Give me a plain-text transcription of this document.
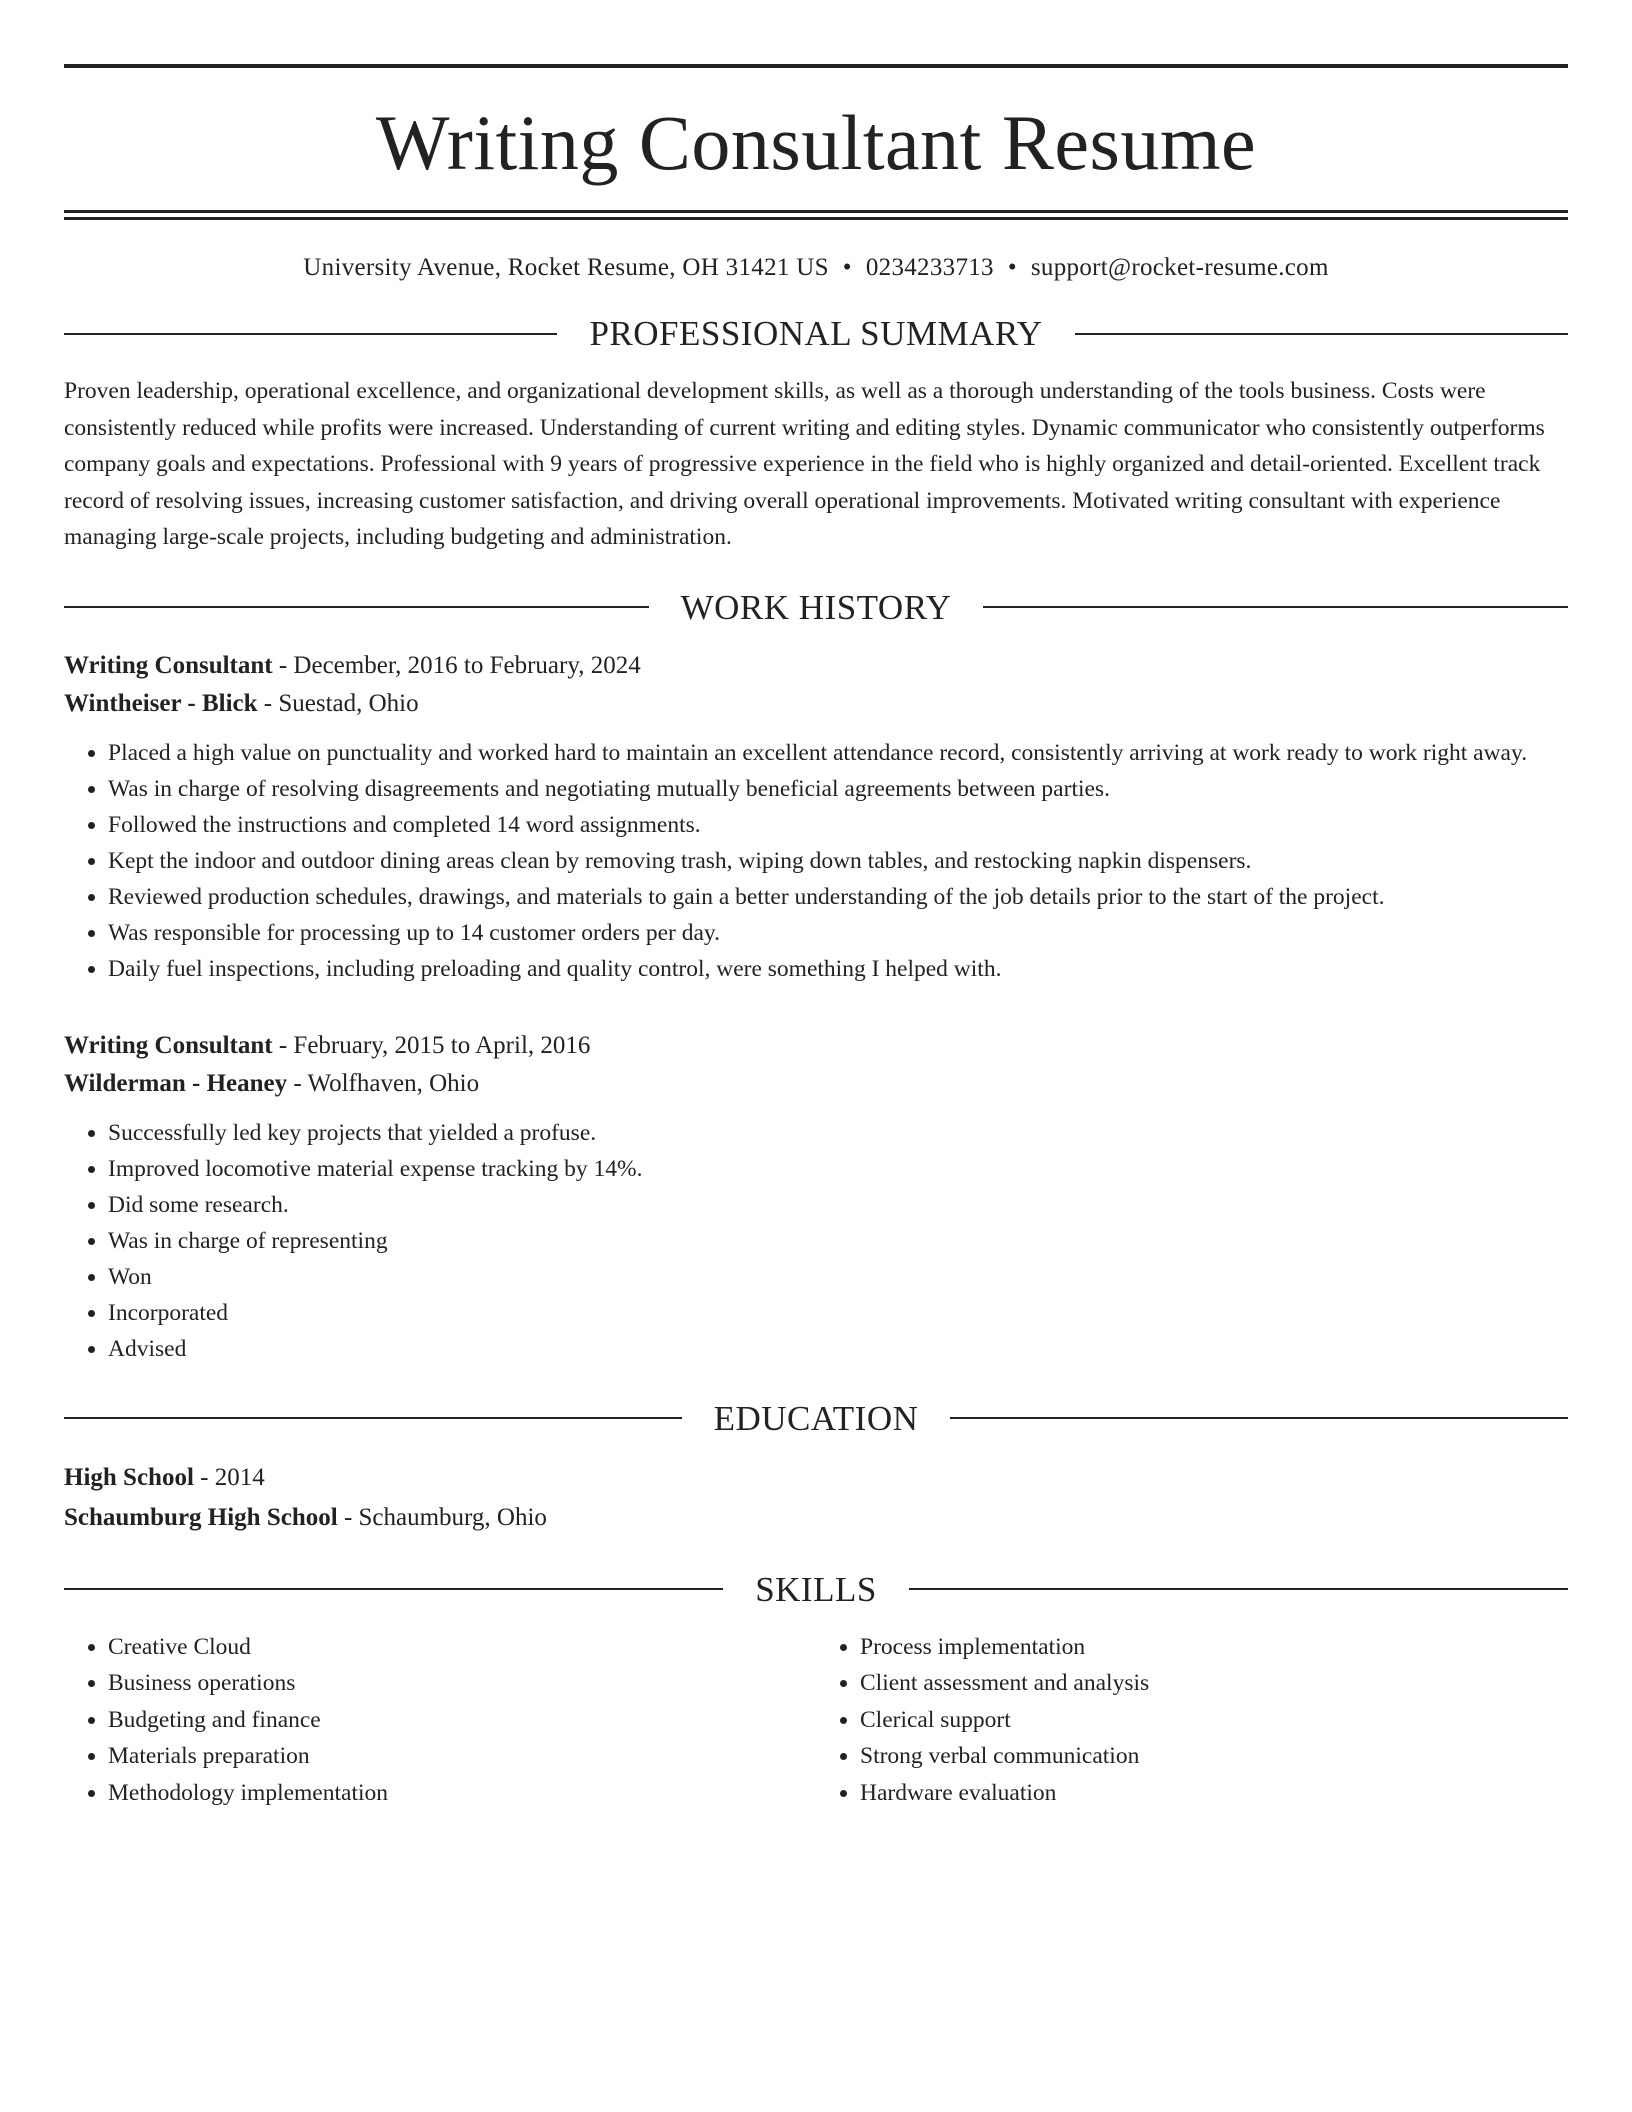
Writing Consultant Resume
University Avenue, Rocket Resume, OH 31421 US • 0234233713 • support@rocket-resume.com
PROFESSIONAL SUMMARY

Proven leadership, operational excellence, and organizational development skills, as well as a thorough understanding of the tools business. Costs were consistently reduced while profits were increased. Understanding of current writing and editing styles. Dynamic communicator who consistently outperforms company goals and expectations. Professional with 9 years of progressive experience in the field who is highly organized and detail-oriented. Excellent track record of resolving issues, increasing customer satisfaction, and driving overall operational improvements. Motivated writing consultant with experience managing large-scale projects, including budgeting and administration.

WORK HISTORY
Writing Consultant - December, 2016 to February, 2024
Wintheiser - Blick - Suestad, Ohio
• Placed a high value on punctuality and worked hard to maintain an excellent attendance record, consistently arriving at work ready to work right away.
• Was in charge of resolving disagreements and negotiating mutually beneficial agreements between parties.
• Followed the instructions and completed 14 word assignments.
• Kept the indoor and outdoor dining areas clean by removing trash, wiping down tables, and restocking napkin dispensers.
• Reviewed production schedules, drawings, and materials to gain a better understanding of the job details prior to the start of the project.
• Was responsible for processing up to 14 customer orders per day.
• Daily fuel inspections, including preloading and quality control, were something I helped with.
Writing Consultant - February, 2015 to April, 2016
Wilderman - Heaney - Wolfhaven, Ohio
• Successfully led key projects that yielded a profuse.
• Improved locomotive material expense tracking by 14%.
• Did some research.
• Was in charge of representing
• Won
• Incorporated
• Advised
EDUCATION
High School - 2014
Schaumburg High School - Schaumburg, Ohio
SKILLS
• Creative Cloud
• Business operations
• Budgeting and finance
• Materials preparation
• Methodology implementation
• Process implementation
• Client assessment and analysis
• Clerical support
• Strong verbal communication
• Hardware evaluation
